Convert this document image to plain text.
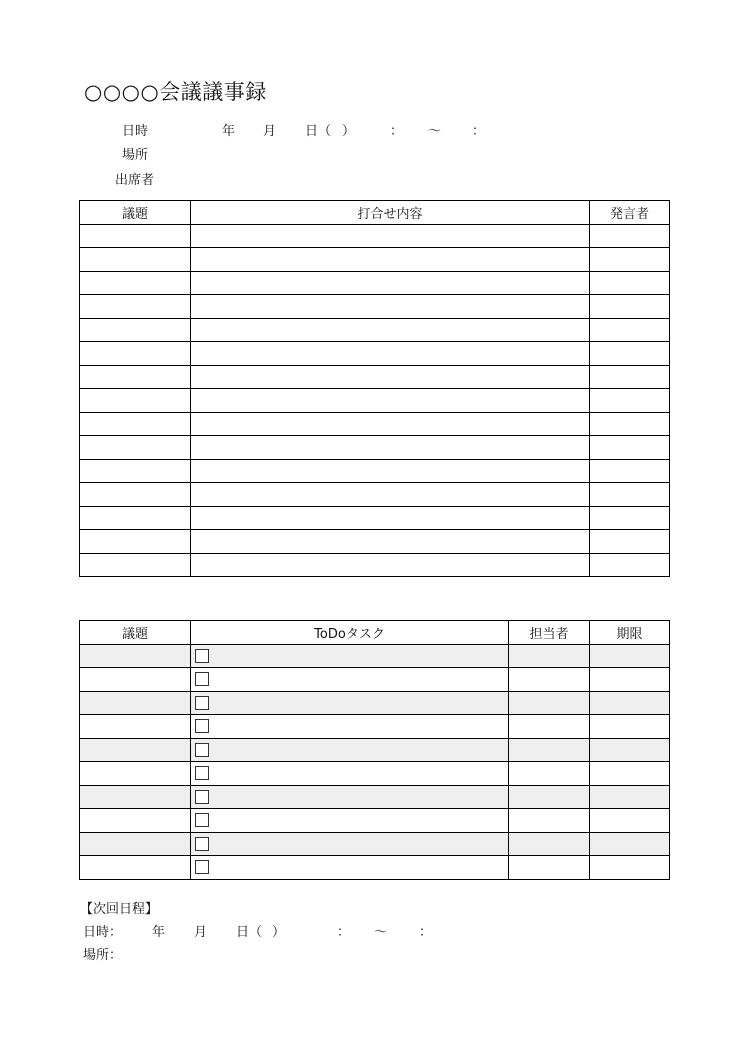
○○○○会議議事録
日時	年 月 日（ ）	： ～ ：
場所
出席者
議題	打合せ内容	発言者

議題	ToDoタスク	担当者	期限

【次回日程】
日時： 年 月 日（ ）	： ～ ：
場所：
